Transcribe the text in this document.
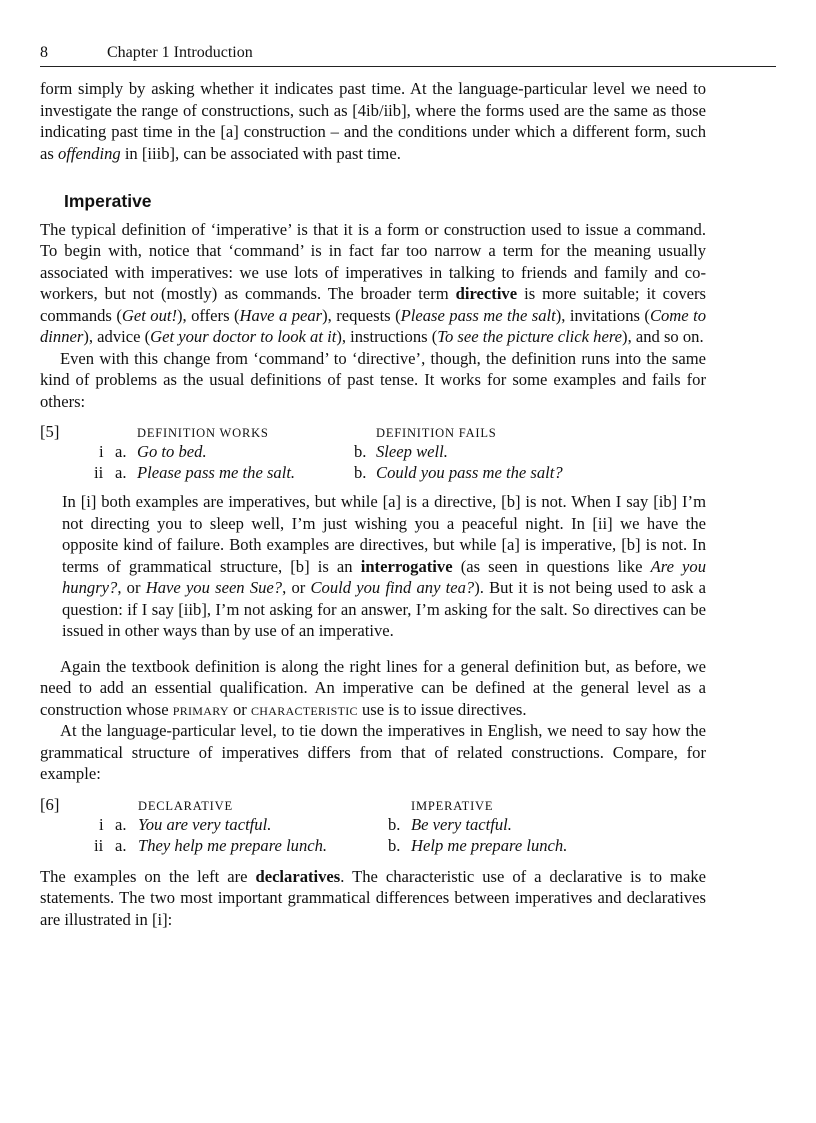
8	Chapter 1 Introduction

form simply by asking whether it indicates past time. At the language-particular level we need to investigate the range of constructions, such as [4ib/iib], where the forms used are the same as those indicating past time in the [a] construction – and the conditions under which a different form, such as offending in [iiib], can be associated with past time.

Imperative

The typical definition of ‘imperative’ is that it is a form or construction used to issue a command. To begin with, notice that ‘command’ is in fact far too narrow a term for the meaning usually associated with imperatives: we use lots of imperatives in talking to friends and family and co-workers, but not (mostly) as commands. The broader term directive is more suitable; it covers commands (Get out!), offers (Have a pear), requests (Please pass me the salt), invitations (Come to dinner), advice (Get your doctor to look at it), instructions (To see the picture click here), and so on.

Even with this change from ‘command’ to ‘directive’, though, the definition runs into the same kind of problems as the usual definitions of past tense. It works for some examples and fails for others:

[5]	DEFINITION WORKS	DEFINITION FAILS
i a. Go to bed.	b. Sleep well.
ii a. Please pass me the salt.	b. Could you pass me the salt?

In [i] both examples are imperatives, but while [a] is a directive, [b] is not. When I say [ib] I’m not directing you to sleep well, I’m just wishing you a peaceful night. In [ii] we have the opposite kind of failure. Both examples are directives, but while [a] is imperative, [b] is not. In terms of grammatical structure, [b] is an interrogative (as seen in questions like Are you hungry?, or Have you seen Sue?, or Could you find any tea?). But it is not being used to ask a question: if I say [iib], I’m not asking for an answer, I’m asking for the salt. So directives can be issued in other ways than by use of an imperative.

Again the textbook definition is along the right lines for a general definition but, as before, we need to add an essential qualification. An imperative can be defined at the general level as a construction whose primary or characteristic use is to issue directives.

At the language-particular level, to tie down the imperatives in English, we need to say how the grammatical structure of imperatives differs from that of related constructions. Compare, for example:

[6]	DECLARATIVE	IMPERATIVE
i a. You are very tactful.	b. Be very tactful.
ii a. They help me prepare lunch.	b. Help me prepare lunch.

The examples on the left are declaratives. The characteristic use of a declarative is to make statements. The two most important grammatical differences between imperatives and declaratives are illustrated in [i]:
